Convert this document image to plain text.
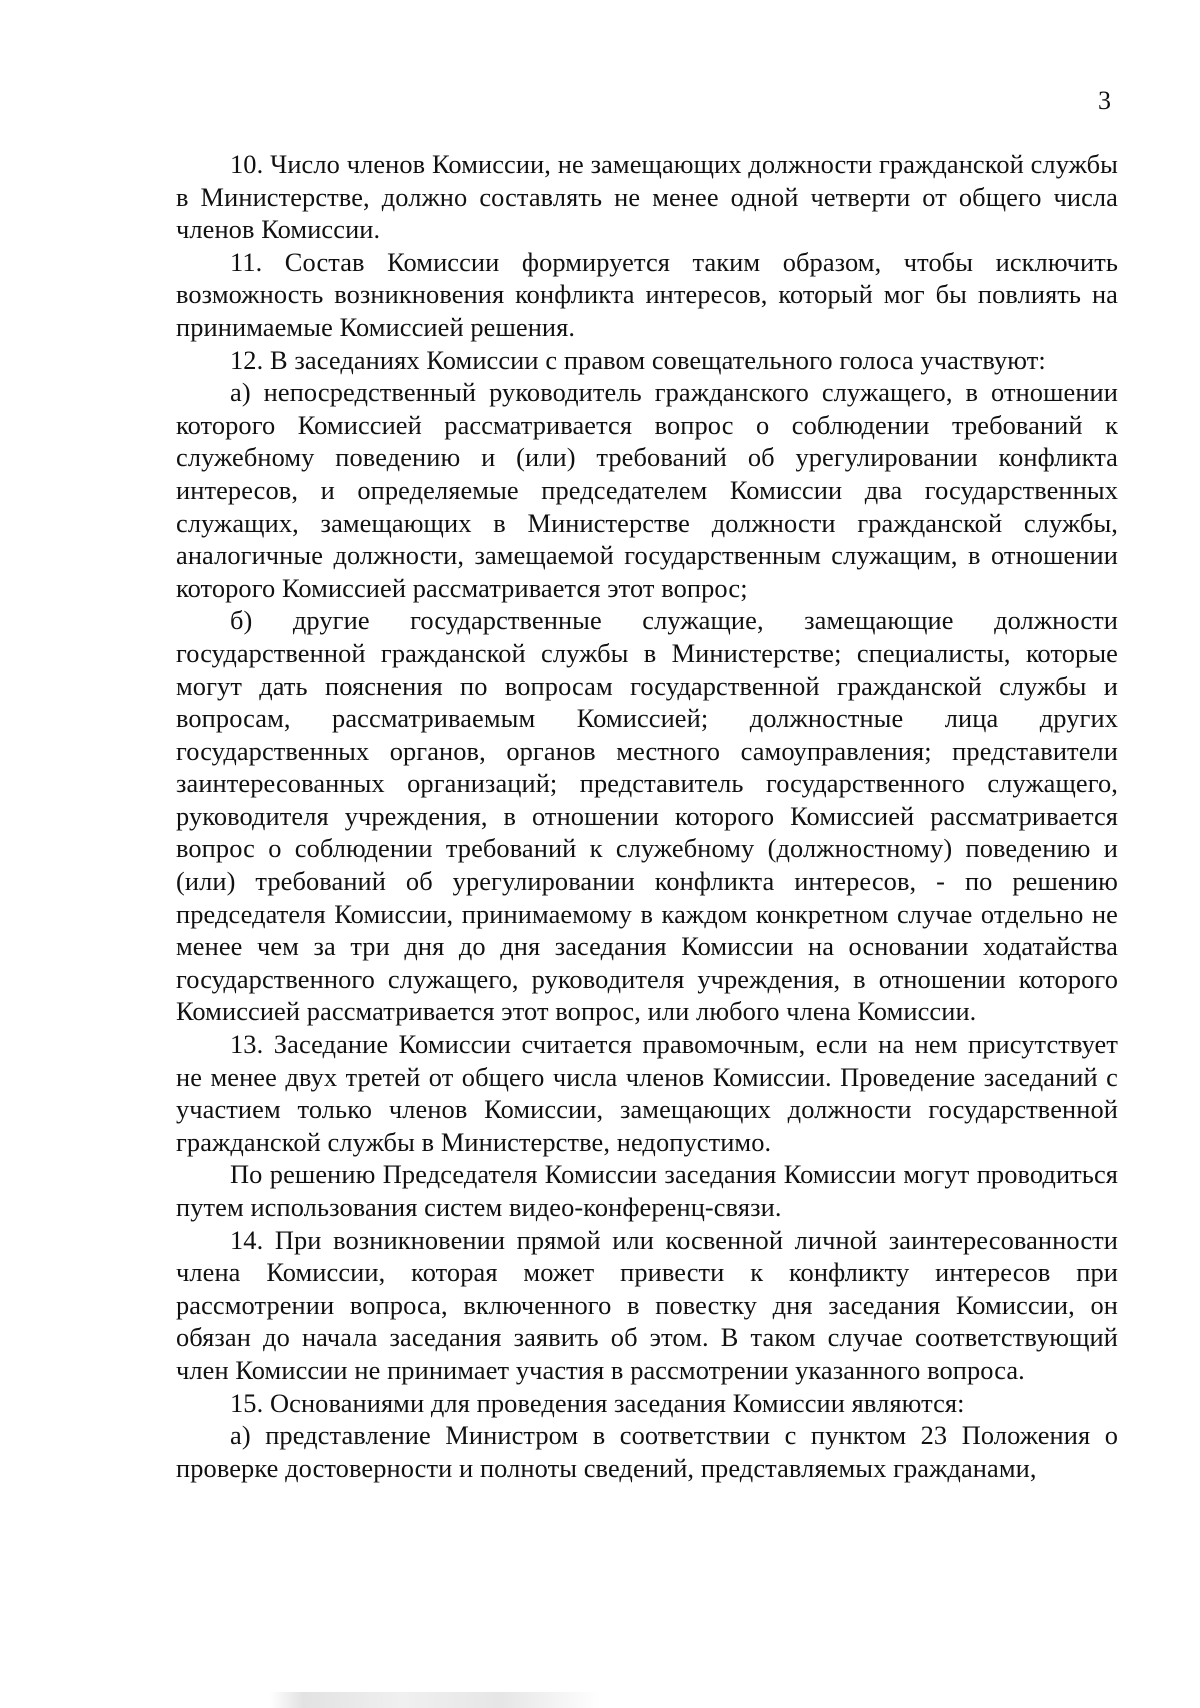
3

10. Число членов Комиссии, не замещающих должности гражданской службы в Министерстве, должно составлять не менее одной четверти от общего числа членов Комиссии.

11. Состав Комиссии формируется таким образом, чтобы исключить возможность возникновения конфликта интересов, который мог бы повлиять на принимаемые Комиссией решения.

12. В заседаниях Комиссии с правом совещательного голоса участвуют:

а) непосредственный руководитель гражданского служащего, в отношении которого Комиссией рассматривается вопрос о соблюдении требований к служебному поведению и (или) требований об урегулировании конфликта интересов, и определяемые председателем Комиссии два государственных служащих, замещающих в Министерстве должности гражданской службы, аналогичные должности, замещаемой государственным служащим, в отношении которого Комиссией рассматривается этот вопрос;

б) другие государственные служащие, замещающие должности государственной гражданской службы в Министерстве; специалисты, которые могут дать пояснения по вопросам государственной гражданской службы и вопросам, рассматриваемым Комиссией; должностные лица других государственных органов, органов местного самоуправления; представители заинтересованных организаций; представитель государственного служащего, руководителя учреждения, в отношении которого Комиссией рассматривается вопрос о соблюдении требований к служебному (должностному) поведению и (или) требований об урегулировании конфликта интересов, - по решению председателя Комиссии, принимаемому в каждом конкретном случае отдельно не менее чем за три дня до дня заседания Комиссии на основании ходатайства государственного служащего, руководителя учреждения, в отношении которого Комиссией рассматривается этот вопрос, или любого члена Комиссии.

13. Заседание Комиссии считается правомочным, если на нем присутствует не менее двух третей от общего числа членов Комиссии. Проведение заседаний с участием только членов Комиссии, замещающих должности государственной гражданской службы в Министерстве, недопустимо.

По решению Председателя Комиссии заседания Комиссии могут проводиться путем использования систем видео-конференц-связи.

14. При возникновении прямой или косвенной личной заинтересованности члена Комиссии, которая может привести к конфликту интересов при рассмотрении вопроса, включенного в повестку дня заседания Комиссии, он обязан до начала заседания заявить об этом. В таком случае соответствующий член Комиссии не принимает участия в рассмотрении указанного вопроса.

15. Основаниями для проведения заседания Комиссии являются:

а) представление Министром в соответствии с пунктом 23 Положения о проверке достоверности и полноты сведений, представляемых гражданами,
